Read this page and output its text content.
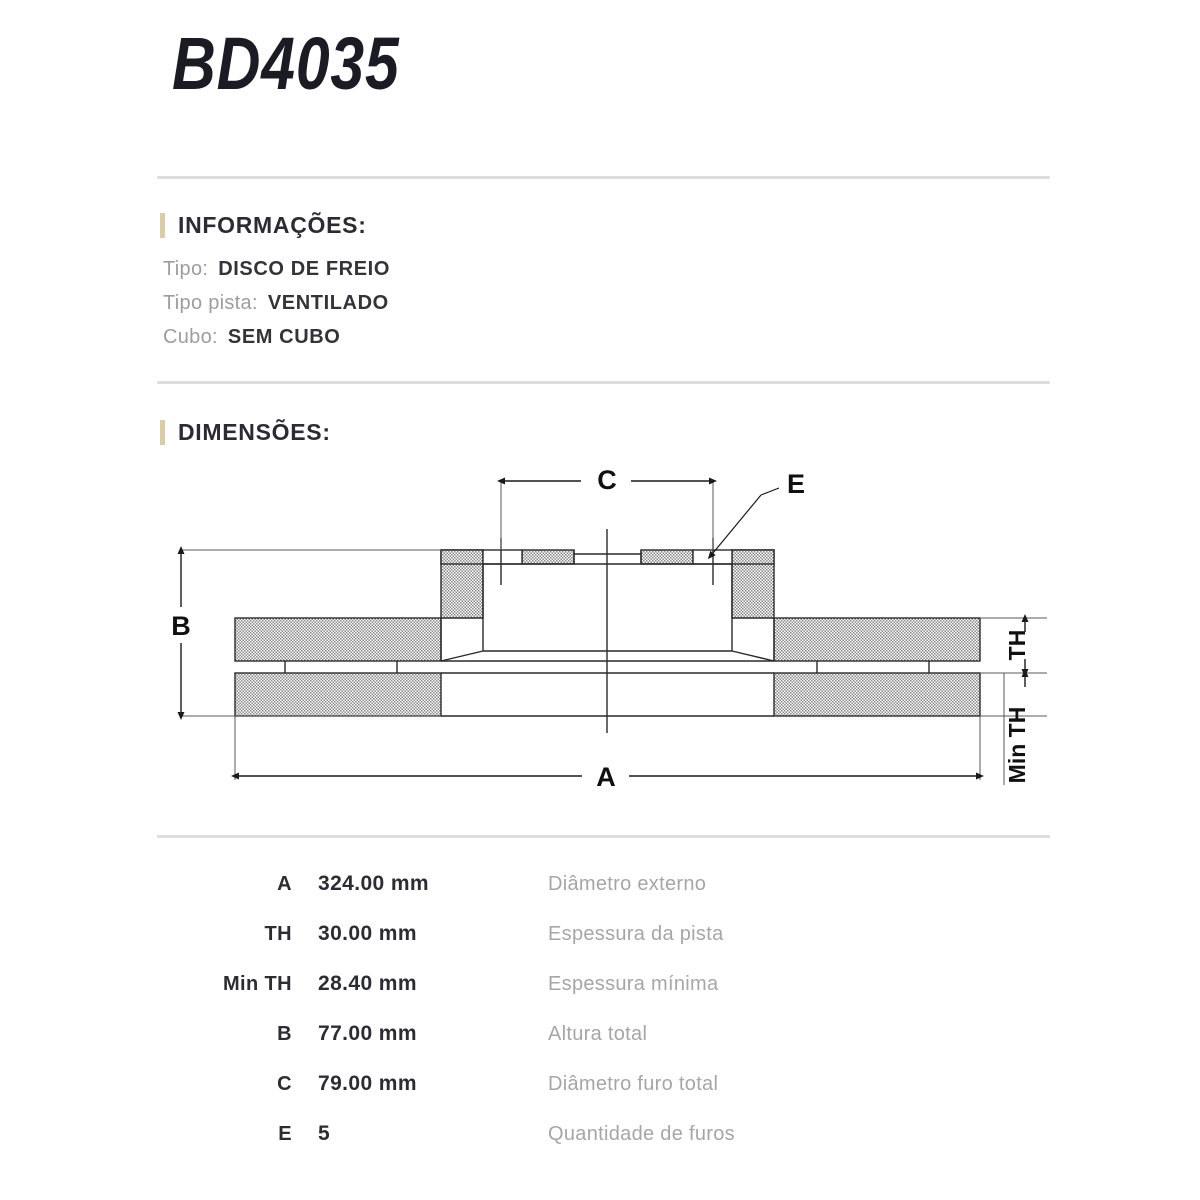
BD4035
INFORMAÇÕES:
Tipo: DISCO DE FREIO
Tipo pista: VENTILADO
Cubo: SEM CUBO
DIMENSÕES:
C	E
B
A
TH
Min TH
A	324.00 mm	Diâmetro externo
TH	30.00 mm	Espessura da pista
Min TH	28.40 mm	Espessura mínima
B	77.00 mm	Altura total
C	79.00 mm	Diâmetro furo total
E	5	Quantidade de furos
